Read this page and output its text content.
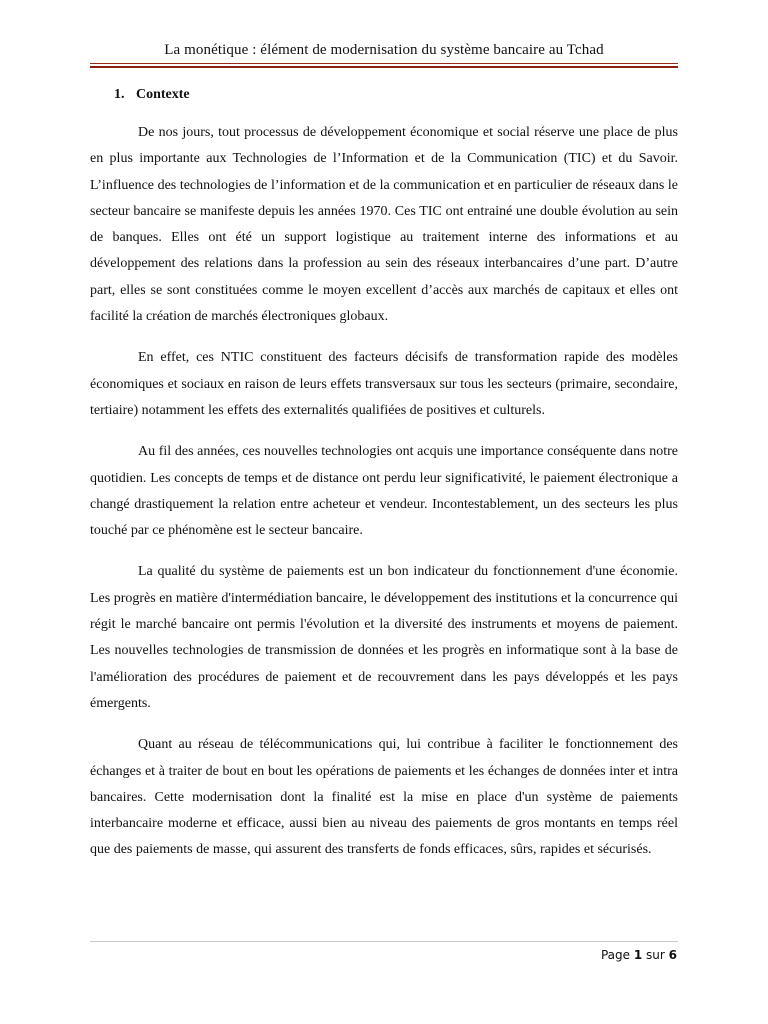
La monétique : élément de modernisation du système bancaire au Tchad
1. Contexte

De nos jours, tout processus de développement économique et social réserve une place de plus en plus importante aux Technologies de l’Information et de la Communication (TIC) et du Savoir. L’influence des technologies de l’information et de la communication et en particulier de réseaux dans le secteur bancaire se manifeste depuis les années 1970. Ces TIC ont entrainé une double évolution au sein de banques. Elles ont été un support logistique au traitement interne des informations et au développement des relations dans la profession au sein des réseaux interbancaires d’une part. D’autre part, elles se sont constituées comme le moyen excellent d’accès aux marchés de capitaux et elles ont facilité la création de marchés électroniques globaux.

En effet, ces NTIC constituent des facteurs décisifs de transformation rapide des modèles économiques et sociaux en raison de leurs effets transversaux sur tous les secteurs (primaire, secondaire, tertiaire) notamment les effets des externalités qualifiées de positives et culturels.

Au fil des années, ces nouvelles technologies ont acquis une importance conséquente dans notre quotidien. Les concepts de temps et de distance ont perdu leur significativité, le paiement électronique a changé drastiquement la relation entre acheteur et vendeur. Incontestablement, un des secteurs les plus touché par ce phénomène est le secteur bancaire.

La qualité du système de paiements est un bon indicateur du fonctionnement d'une économie. Les progrès en matière d'intermédiation bancaire, le développement des institutions et la concurrence qui régit le marché bancaire ont permis l'évolution et la diversité des instruments et moyens de paiement. Les nouvelles technologies de transmission de données et les progrès en informatique sont à la base de l'amélioration des procédures de paiement et de recouvrement dans les pays développés et les pays émergents.

Quant au réseau de télécommunications qui, lui contribue à faciliter le fonctionnement des échanges et à traiter de bout en bout les opérations de paiements et les échanges de données inter et intra bancaires. Cette modernisation dont la finalité est la mise en place d'un système de paiements interbancaire moderne et efficace, aussi bien au niveau des paiements de gros montants en temps réel que des paiements de masse, qui assurent des transferts de fonds efficaces, sûrs, rapides et sécurisés.

Page 1 sur 6
